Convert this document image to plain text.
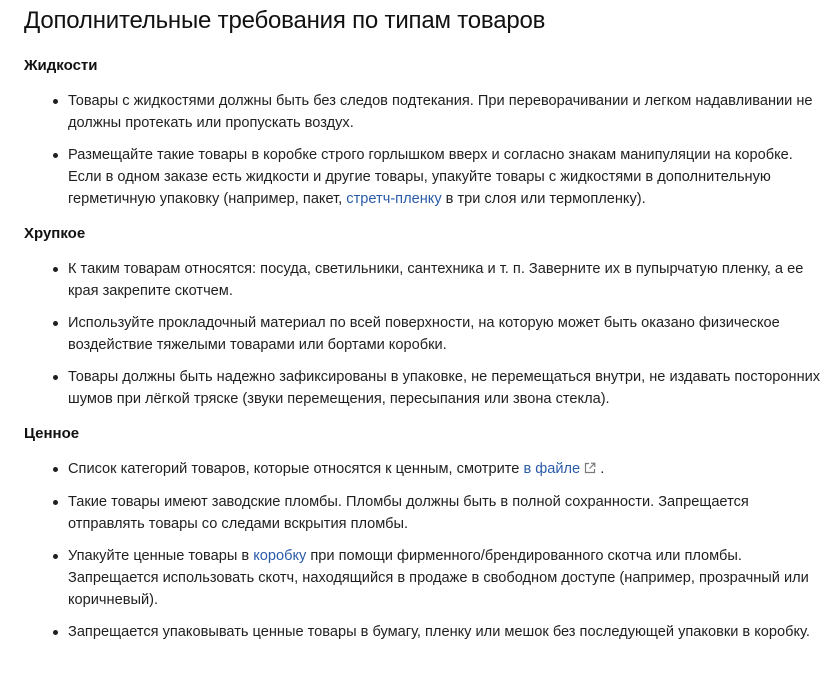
Дополнительные требования по типам товаров
Жидкости
Товары с жидкостями должны быть без следов подтекания. При переворачивании и легком надавливании не должны протекать или пропускать воздух.
Размещайте такие товары в коробке строго горлышком вверх и согласно знакам манипуляции на коробке. Если в одном заказе есть жидкости и другие товары, упакуйте товары с жидкостями в дополнительную герметичную упаковку (например, пакет, стретч-пленку в три слоя или термопленку).
Хрупкое
К таким товарам относятся: посуда, светильники, сантехника и т. п. Заверните их в пупырчатую пленку, а ее края закрепите скотчем.
Используйте прокладочный материал по всей поверхности, на которую может быть оказано физическое воздействие тяжелыми товарами или бортами коробки.
Товары должны быть надежно зафиксированы в упаковке, не перемещаться внутри, не издавать посторонних шумов при лёгкой тряске (звуки перемещения, пересыпания или звона стекла).
Ценное
Список категорий товаров, которые относятся к ценным, смотрите в файле .
Такие товары имеют заводские пломбы. Пломбы должны быть в полной сохранности. Запрещается отправлять товары со следами вскрытия пломбы.
Упакуйте ценные товары в коробку при помощи фирменного/брендированного скотча или пломбы. Запрещается использовать скотч, находящийся в продаже в свободном доступе (например, прозрачный или коричневый).
Запрещается упаковывать ценные товары в бумагу, пленку или мешок без последующей упаковки в коробку.
